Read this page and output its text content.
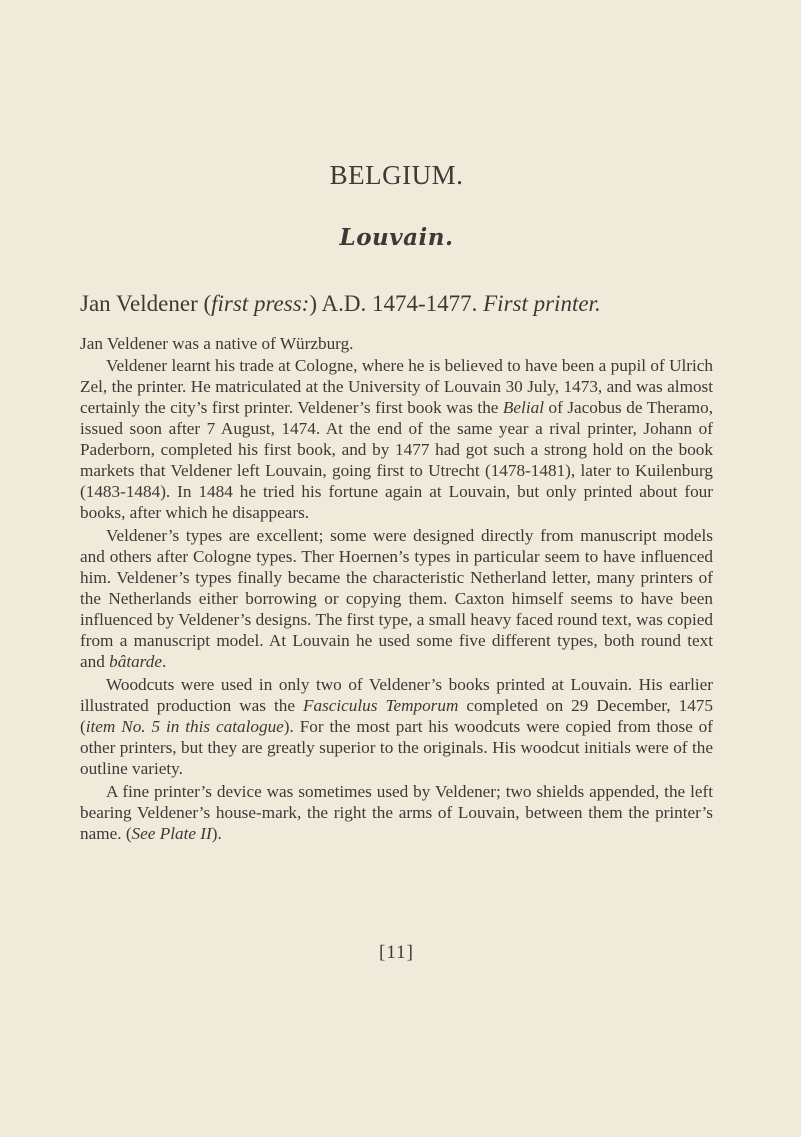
BELGIUM.
Louvain.
Jan Veldener (first press:) A.D. 1474-1477. First printer.

Jan Veldener was a native of Würzburg.

Veldener learnt his trade at Cologne, where he is believed to have been a pupil of Ulrich Zel, the printer. He matriculated at the University of Louvain 30 July, 1473, and was almost certainly the city’s first printer. Veldener’s first book was the Belial of Jacobus de Theramo, issued soon after 7 August, 1474. At the end of the same year a rival printer, Johann of Paderborn, completed his first book, and by 1477 had got such a strong hold on the book markets that Veldener left Louvain, going first to Utrecht (1478-1481), later to Kuilenburg (1483-1484). In 1484 he tried his fortune again at Louvain, but only printed about four books, after which he disappears.

Veldener’s types are excellent; some were designed directly from manuscript models and others after Cologne types. Ther Hoernen’s types in particular seem to have influenced him. Veldener’s types finally became the characteristic Netherland letter, many printers of the Netherlands either borrowing or copying them. Caxton himself seems to have been influenced by Veldener’s designs. The first type, a small heavy faced round text, was copied from a manuscript model. At Louvain he used some five different types, both round text and bâtarde.

Woodcuts were used in only two of Veldener’s books printed at Louvain. His earlier illustrated production was the Fasciculus Temporum completed on 29 December, 1475 (item No. 5 in this catalogue). For the most part his woodcuts were copied from those of other printers, but they are greatly superior to the originals. His woodcut initials were of the outline variety.

A fine printer’s device was sometimes used by Veldener; two shields appended, the left bearing Veldener’s house-mark, the right the arms of Louvain, between them the printer’s name. (See Plate II).

[11]
